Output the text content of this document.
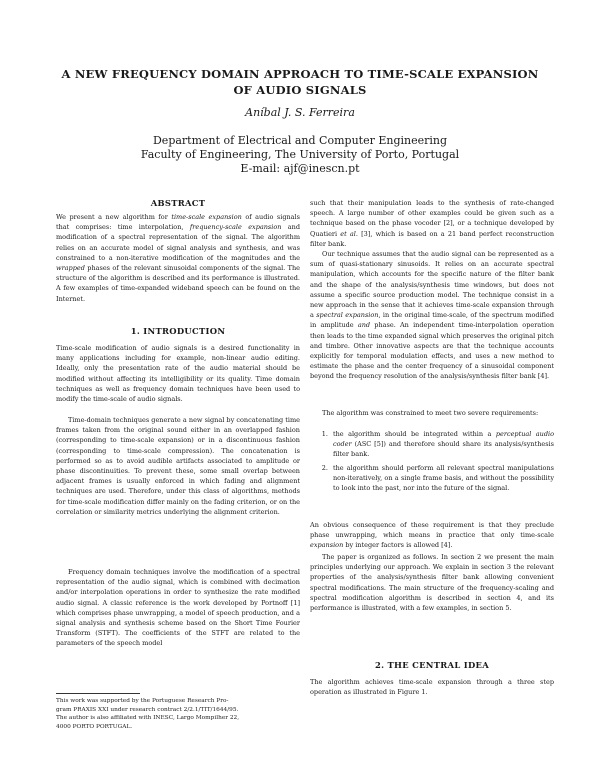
A NEW FREQUENCY DOMAIN APPROACH TO TIME-SCALE EXPANSION
OF AUDIO SIGNALS
Aníbal J. S. Ferreira
Department of Electrical and Computer Engineering
Faculty of Engineering, The University of Porto, Portugal
E-mail: ajf@inescn.pt
ABSTRACT
We present a new algorithm for time-scale expansion of audio signals that comprises: time interpolation, frequency-scale expansion and modification of a spectral representation of the signal. The algorithm relies on an accurate model of signal analysis and synthesis, and was constrained to a non-iterative modification of the magnitudes and the wrapped phases of the relevant sinusoidal components of the signal. The structure of the algorithm is described and its performance is illustrated. A few examples of time-expanded wideband speech can be found on the Internet.
1. INTRODUCTION
Time-scale modification of audio signals is a desired functionality in many applications including for example, non-linear audio editing. Ideally, only the presentation rate of the audio material should be modified without affecting its intelligibility or its quality. Time domain techniques as well as frequency domain techniques have been used to modify the time-scale of audio signals.
Time-domain techniques generate a new signal by concatenating time frames taken from the original sound either in an overlapped fashion (corresponding to time-scale expansion) or in a discontinuous fashion (corresponding to time-scale compression). The concatenation is performed so as to avoid audible artifacts associated to amplitude or phase discontinuities. To prevent these, some small overlap between adjacent frames is usually enforced in which fading and alignment techniques are used. Therefore, under this class of algorithms, methods for time-scale modification differ mainly on the fading criterion, or on the correlation or similarity metrics underlying the alignment criterion.
Frequency domain techniques involve the modification of a spectral representation of the audio signal, which is combined with decimation and/or interpolation operations in order to synthesize the rate modified audio signal. A classic reference is the work developed by Portnoff [1] which comprises phase unwrapping, a model of speech production, and a signal analysis and synthesis scheme based on the Short Time Fourier Transform (STFT). The coefficients of the STFT are related to the parameters of the speech model
This work was supported by the Portuguese Research Pro-
gram PRAXIS XXI under research contract 2/2.1/TIT/1644/95.
The author is also affiliated with INESC, Largo Mompilher 22,
4000 PORTO PORTUGAL.
such that their manipulation leads to the synthesis of rate-changed speech. A large number of other examples could be given such as a technique based on the phase vocoder [2], or a technique developed by Quatieri et al. [3], which is based on a 21 band perfect reconstruction filter bank.
Our technique assumes that the audio signal can be represented as a sum of quasi-stationary sinusoids. It relies on an accurate spectral manipulation, which accounts for the specific nature of the filter bank and the shape of the analysis/synthesis time windows, but does not assume a specific source production model. The technique consist in a new approach in the sense that it achieves time-scale expansion through a spectral expansion, in the original time-scale, of the spectrum modified in amplitude and phase. An independent time-interpolation operation then leads to the time expanded signal which preserves the original pitch and timbre. Other innovative aspects are that the technique accounts explicitly for temporal modulation effects, and uses a new method to estimate the phase and the center frequency of a sinusoidal component beyond the frequency resolution of the analysis/synthesis filter bank [4].
The algorithm was constrained to meet two severe requirements:
1. the algorithm should be integrated within a perceptual audio coder (ASC [5]) and therefore should share its analysis/synthesis filter bank.
2. the algorithm should perform all relevant spectral manipulations non-iteratively, on a single frame basis, and without the possibility to look into the past, nor into the future of the signal.
An obvious consequence of these requirement is that they preclude phase unwrapping, which means in practice that only time-scale expansion by integer factors is allowed [4].
The paper is organized as follows. In section 2 we present the main principles underlying our approach. We explain in section 3 the relevant properties of the analysis/synthesis filter bank allowing convenient spectral modifications. The main structure of the frequency-scaling and spectral modification algorithm is described in section 4, and its performance is illustrated, with a few examples, in section 5.
2. THE CENTRAL IDEA
The algorithm achieves time-scale expansion through a three step operation as illustrated in Figure 1.
